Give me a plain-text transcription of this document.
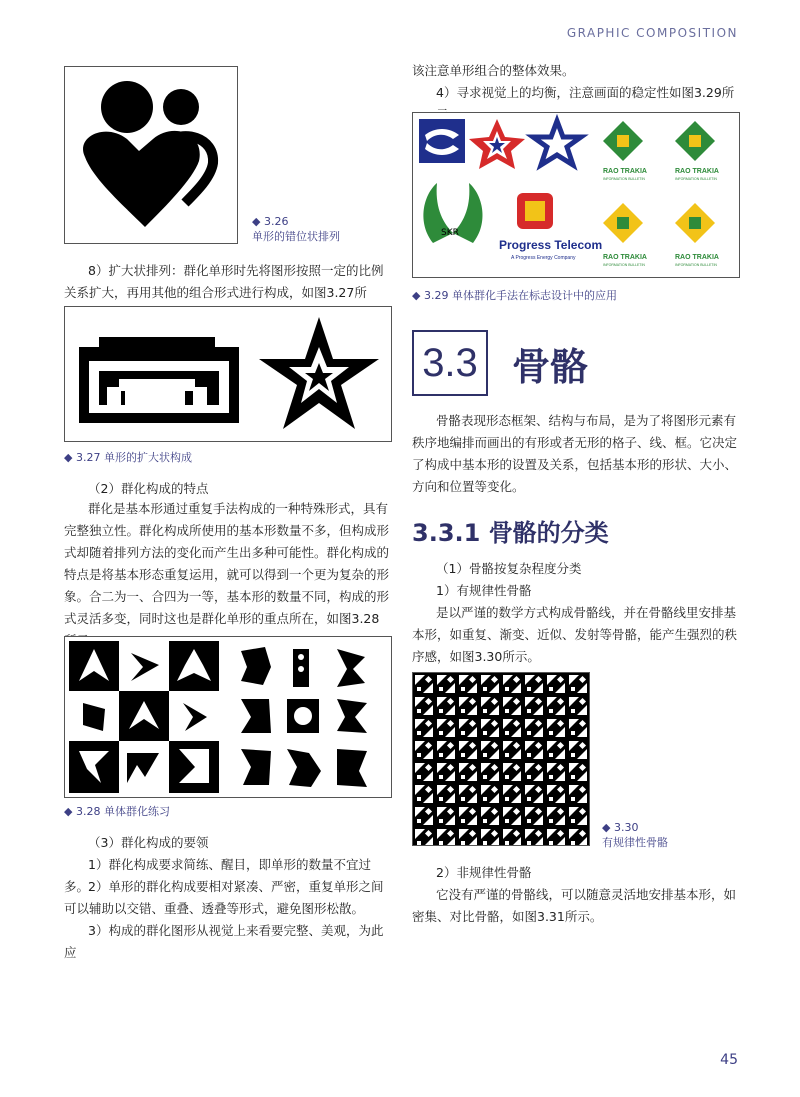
GRAPHIC COMPOSITION
◆ 3.26
单形的错位状排列
8）扩大状排列：群化单形时先将图形按照一定的比例关系扩大，再用其他的组合形式进行构成，如图3.27所
◆ 3.27 单形的扩大状构成
（2）群化构成的特点
群化是基本形通过重复手法构成的一种特殊形式，具有完整独立性。群化构成所使用的基本形数量不多，但构成形式却随着排列方法的变化而产生出多种可能性。群化构成的特点是将基本形态重复运用，就可以得到一个更为复杂的形象。合二为一、合四为一等，基本形的数量不同，构成的形式灵活多变，同时这也是群化单形的重点所在，如图3.28
◆ 3.28 单体群化练习
（3）群化构成的要领
1）群化构成要求简练、醒目，即单形的数量不宜过多。
2）单形的群化构成要相对紧凑、严密，重复单形之间可以辅助以交错、重叠、透叠等形式，避免图形松散。
3）构成的群化图形从视觉上来看要完整、美观，为此应
该注意单形组合的整体效果。
4）寻求视觉上的均衡，注意画面的稳定性如图3.29所
SKR
Progress Telecom
A Progress Energy Company
RAO TRAKIA
INFORMATION BULLETIN
RAO TRAKIA
INFORMATION BULLETIN
RAO TRAKIA
INFORMATION BULLETIN
RAO TRAKIA
INFORMATION BULLETIN
◆ 3.29 单体群化手法在标志设计中的应用
3.3 骨骼
骨骼表现形态框架、结构与布局，是为了将图形元素有秩序地编排而画出的有形或者无形的格子、线、框。它决定了构成中基本形的设置及关系，包括基本形的形状、大小、方向和位置等变化。
3.3.1 骨骼的分类
（1）骨骼按复杂程度分类
1）有规律性骨骼
是以严谨的数学方式构成骨骼线，并在骨骼线里安排基本形，如重复、渐变、近似、发射等骨骼，能产生强烈的秩序感，如图3.30所示。
◆ 3.30
有规律性骨骼
2）非规律性骨骼
它没有严谨的骨骼线，可以随意灵活地安排基本形，如密集、对比骨骼，如图3.31所示。
45
